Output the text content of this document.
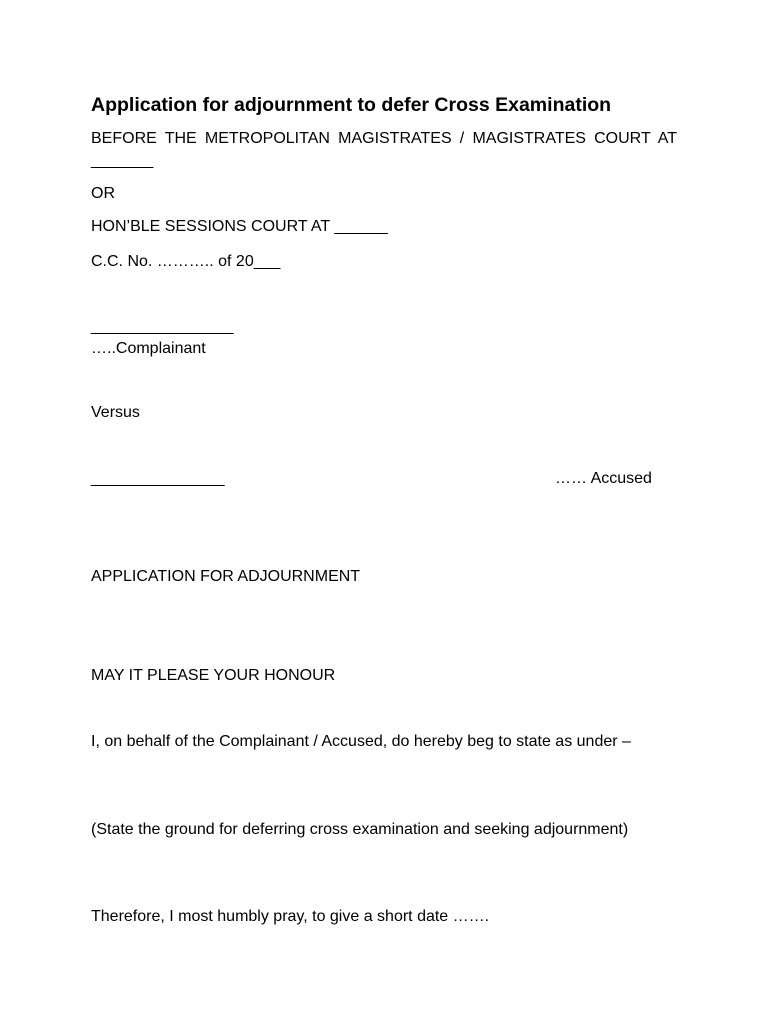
Application for adjournment to defer Cross Examination

BEFORE THE METROPOLITAN MAGISTRATES / MAGISTRATES COURT AT _______

OR

HON’BLE SESSIONS COURT AT ______

C.C. No. ……….. of 20___

________________

…..Complainant

Versus

_______________	…… Accused

APPLICATION FOR ADJOURNMENT

MAY IT PLEASE YOUR HONOUR

I, on behalf of the Complainant / Accused, do hereby beg to state as under –

(State the ground for deferring cross examination and seeking adjournment)

Therefore, I most humbly pray, to give a short date …….
